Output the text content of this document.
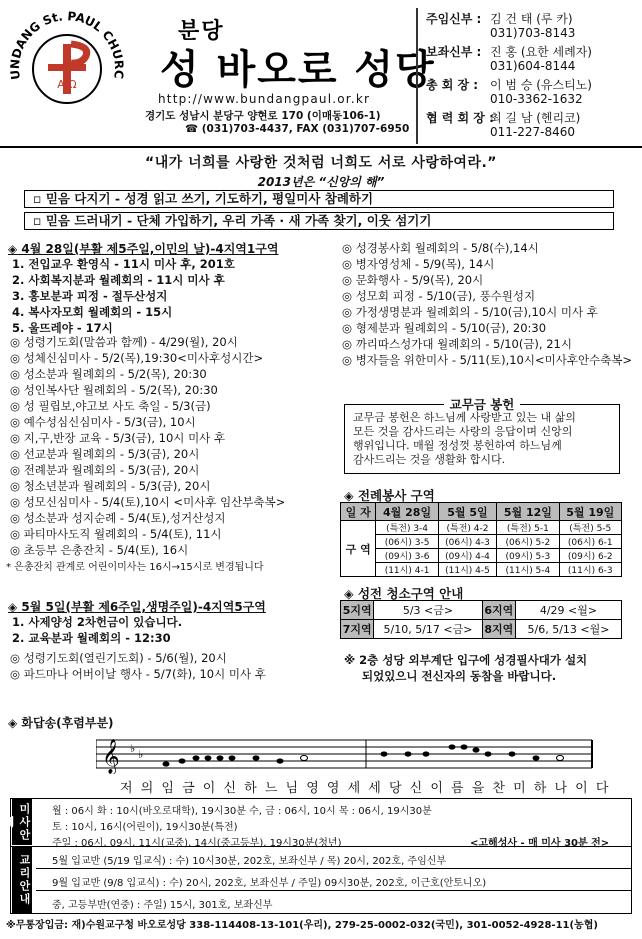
UNDANG St. PAUL CHURC
A Ω
분당
성 바오로 성당
http://www.bundangpaul.or.kr
경기도 성남시 분당구 양현로 170 (이매동106-1)
☎ (031)703-4437, FAX (031)707-6950
주임신부 : 김 건 태 (루 카)
031)703-8143
보좌신부 : 진 홍 (요한 세례자)
031)604-8144
총 회 장 : 이 범 승 (유스티노)
010-3362-1632
협 력 회 장 :최 길 남 (헨리코)
011-227-8460
“내가 너희를 사랑한 것처럼 너희도 서로 사랑하여라.”
2013년은 “신앙의 해”
▫ 믿음 다지기 - 성경 읽고 쓰기, 기도하기, 평일미사 참례하기
▫ 믿음 드러내기 - 단체 가입하기, 우리 가족 · 새 가족 찾기, 이웃 섬기기
◈ 4월 28일(부활 제5주일,이민의 날)-4지역1구역
1. 전입교우 환영식 - 11시 미사 후, 201호
2. 사회복지분과 월례회의 - 11시 미사 후
3. 홍보분과 피정 - 절두산성지
4. 복사자모회 월례회의 - 15시
5. 울뜨레야 - 17시
◎ 성령기도회(말씀과 함께) - 4/29(월), 20시
◎ 성체신심미사 - 5/2(목),19:30<미사후성시간>
◎ 성소분과 월례회의 - 5/2(목), 20:30
◎ 성인복사단 월례회의 - 5/2(목), 20:30
◎ 성 필립보,야고보 사도 축일 - 5/3(금)
◎ 예수성심신심미사 - 5/3(금), 10시
◎ 지,구,반장 교육 - 5/3(금), 10시 미사 후
◎ 선교분과 월례회의 - 5/3(금), 20시
◎ 전례분과 월례회의 - 5/3(금), 20시
◎ 청소년분과 월례회의 - 5/3(금), 20시
◎ 성모신심미사 - 5/4(토),10시 <미사후 임산부축복>
◎ 성소분과 성지순례 - 5/4(토),성거산성지
◎ 파티마사도직 월례회의 - 5/4(토), 11시
◎ 초등부 은총잔치 - 5/4(토), 16시
* 은총잔치 관계로 어린이미사는 16시→15시로 변경됩니다
◈ 5월 5일(부활 제6주일,생명주일)-4지역5구역
1. 사제양성 2차헌금이 있습니다.
2. 교육분과 월례회의 - 12:30
◎ 성령기도회(열린기도회) - 5/6(월), 20시
◎ 파드마나 어버이날 행사 - 5/7(화), 10시 미사 후
◎ 성경봉사회 월례회의 - 5/8(수),14시
◎ 병자영성체 - 5/9(목), 14시
◎ 문화행사 - 5/9(목), 20시
◎ 성모회 피정 - 5/10(금), 풍수원성지
◎ 가정생명분과 월례회의 - 5/10(금),10시 미사 후
◎ 형제분과 월례회의 - 5/10(금), 20:30
◎ 까리따스성가대 월례회의 - 5/10(금), 21시
◎ 병자들을 위한미사 - 5/11(토),10시<미사후안수축복>
교무금 봉헌
교무금 봉헌은 하느님께 사랑받고 있는 내 삶의
모든 것을 감사드리는 사랑의 응답이며 신앙의
행위입니다. 매월 정성껏 봉헌하여 하느님께
감사드리는 것을 생활화 합시다.
◈ 전례봉사 구역
일 자	4월 28일	5월 5일	5월 12일	5월 19일
구 역	(특전) 3-4	(특전) 4-2	(특전) 5-1	(특전) 5-5
	(06시) 3-5	(06시) 4-3	(06시) 5-2	(06시) 6-1
	(09시) 3-6	(09시) 4-4	(09시) 5-3	(09시) 6-2
	(11시) 4-1	(11시) 4-5	(11시) 5-4	(11시) 6-3
◈ 성전 청소구역 안내
5지역	5/3 <금>	6지역	4/29 <월>
7지역	5/10, 5/17 <금>	8지역	5/6, 5/13 <월>
※ 2층 성당 외부계단 입구에 성경필사대가 설치
되었있으니 전신자의 동참을 바랍니다.
◈ 화답송(후렴부분)
𝄞 ♭ ♭
저 의 임 금 이 신 하 느 님 영 영 세 세 당 신 이 름 을 찬 미 하 나 이 다
미사안내
월 : 06시 화 : 10시(바오로대학), 19시30분 수, 금 : 06시, 10시 목 : 06시, 19시30분
토 : 10시, 16시(어린이), 19시30분(특전)
주일 : 06시, 09시, 11시(교중), 14시(중고등부), 19시30분(청년)	<고해성사 - 매 미사 30분 전>
교리안내 5월 입교반 (5/19 입교식) : 수) 10시30분, 202호, 보좌신부 / 목) 20시, 202호, 주임신부
9월 입교반 (9/8 입교식) : 수) 20시, 202호, 보좌신부 / 주일) 09시30분, 202호, 이근호(안토니오)
중, 고등부반(연중) : 주일) 15시, 301호, 보좌신부
※무통장입금: 재)수원교구청 바오로성당 338-114408-13-101(우리), 279-25-0002-032(국민), 301-0052-4928-11(농협)
